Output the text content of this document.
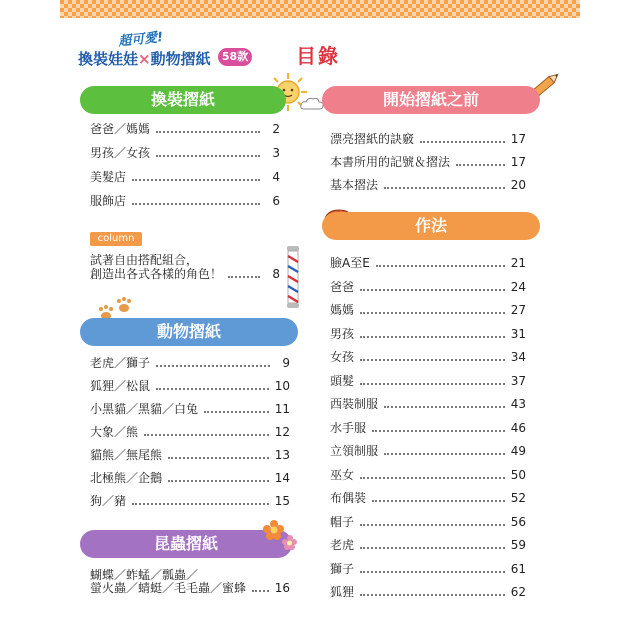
超可愛!
換裝娃娃×動物摺紙	58款 目錄
換裝摺紙
爸爸／媽媽	2
男孩／女孩	3
美髮店	4
服飾店	6
column
試著自由搭配組合，
創造出各式各樣的角色！	8
動物摺紙
老虎／獅子	9
狐狸／松鼠	10
小黑貓／黑貓／白兔	11
大象／熊	12
貓熊／無尾熊	13
北極熊／企鵝	14
狗／豬	15
昆蟲摺紙
蝴蝶／蚱蜢／瓢蟲／
螢火蟲／蜻蜓／毛毛蟲／蜜蜂 16
開始摺紙之前
漂亮摺紙的訣竅	17
本書所用的記號＆摺法	17
基本摺法	20
作法
臉A至E	21
爸爸	24
媽媽	27
男孩	31
女孩	34
頭髮	37
西裝制服	43
水手服	46
立領制服	49
巫女	50
布偶裝	52
帽子	56
老虎	59
獅子	61
狐狸	62
